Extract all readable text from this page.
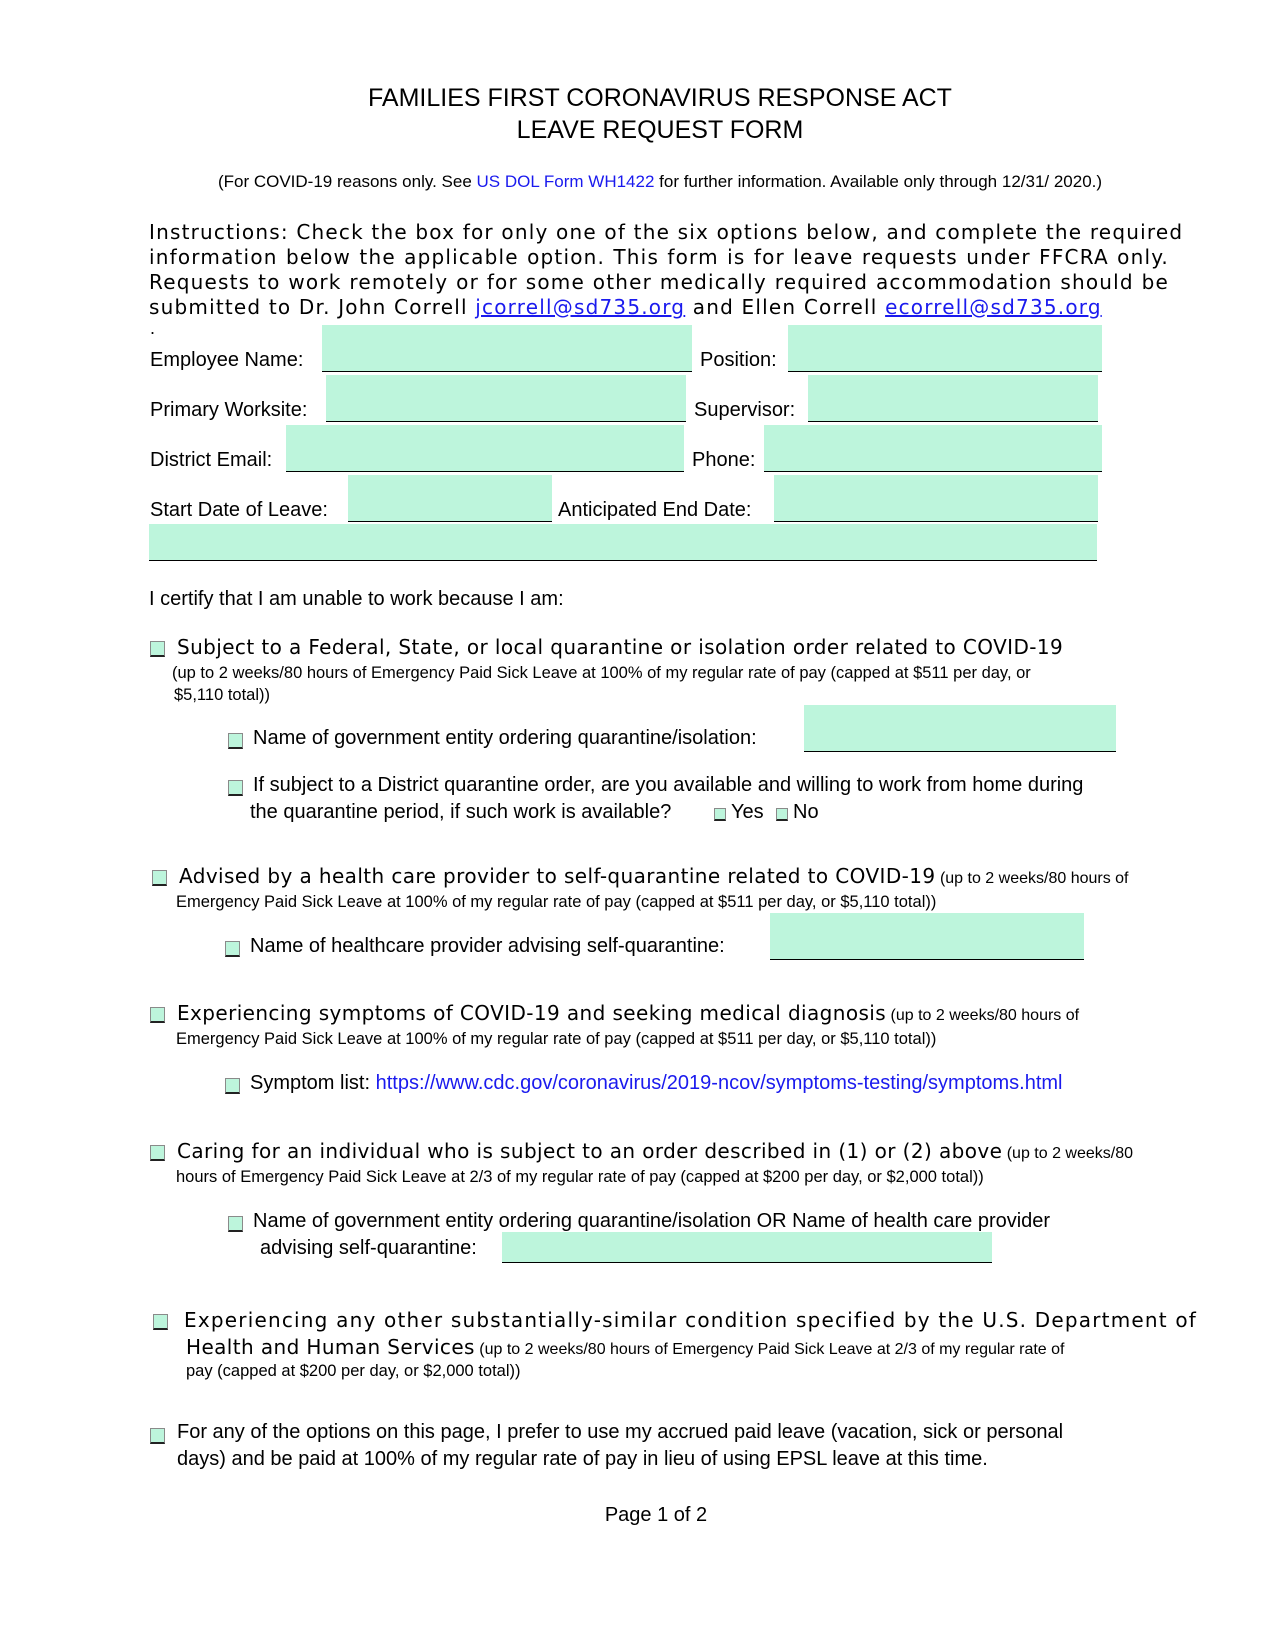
FAMILIES FIRST CORONAVIRUS RESPONSE ACT
LEAVE REQUEST FORM
(For COVID-19 reasons only. See US DOL Form WH1422 for further information. Available only through 12/31/ 2020.)
Instructions: Check the box for only one of the six options below, and complete the required
information below the applicable option. This form is for leave requests under FFCRA only.
Requests to work remotely or for some other medically required accommodation should be
submitted to Dr. John Correll jcorrell@sd735.org and Ellen Correll ecorrell@sd735.org
.
Employee Name:	Position:
Primary Worksite:	Supervisor:
District Email:	Phone:
Start Date of Leave:	Anticipated End Date:
I certify that I am unable to work because I am:
Subject to a Federal, State, or local quarantine or isolation order related to COVID-19
(up to 2 weeks/80 hours of Emergency Paid Sick Leave at 100% of my regular rate of pay (capped at $511 per day, or
$5,110 total))
Name of government entity ordering quarantine/isolation:
If subject to a District quarantine order, are you available and willing to work from home during
the quarantine period, if such work is available?	Yes No
Advised by a health care provider to self-quarantine related to COVID-19 (up to 2 weeks/80 hours of
Emergency Paid Sick Leave at 100% of my regular rate of pay (capped at $511 per day, or $5,110 total))
Name of healthcare provider advising self-quarantine:
Experiencing symptoms of COVID-19 and seeking medical diagnosis (up to 2 weeks/80 hours of
Emergency Paid Sick Leave at 100% of my regular rate of pay (capped at $511 per day, or $5,110 total))
Symptom list: https://www.cdc.gov/coronavirus/2019-ncov/symptoms-testing/symptoms.html
Caring for an individual who is subject to an order described in (1) or (2) above (up to 2 weeks/80
hours of Emergency Paid Sick Leave at 2/3 of my regular rate of pay (capped at $200 per day, or $2,000 total))
Name of government entity ordering quarantine/isolation OR Name of health care provider
advising self-quarantine:
Experiencing any other substantially-similar condition specified by the U.S. Department of
Health and Human Services (up to 2 weeks/80 hours of Emergency Paid Sick Leave at 2/3 of my regular rate of
pay (capped at $200 per day, or $2,000 total))
For any of the options on this page, I prefer to use my accrued paid leave (vacation, sick or personal
days) and be paid at 100% of my regular rate of pay in lieu of using EPSL leave at this time.
Page 1 of 2
